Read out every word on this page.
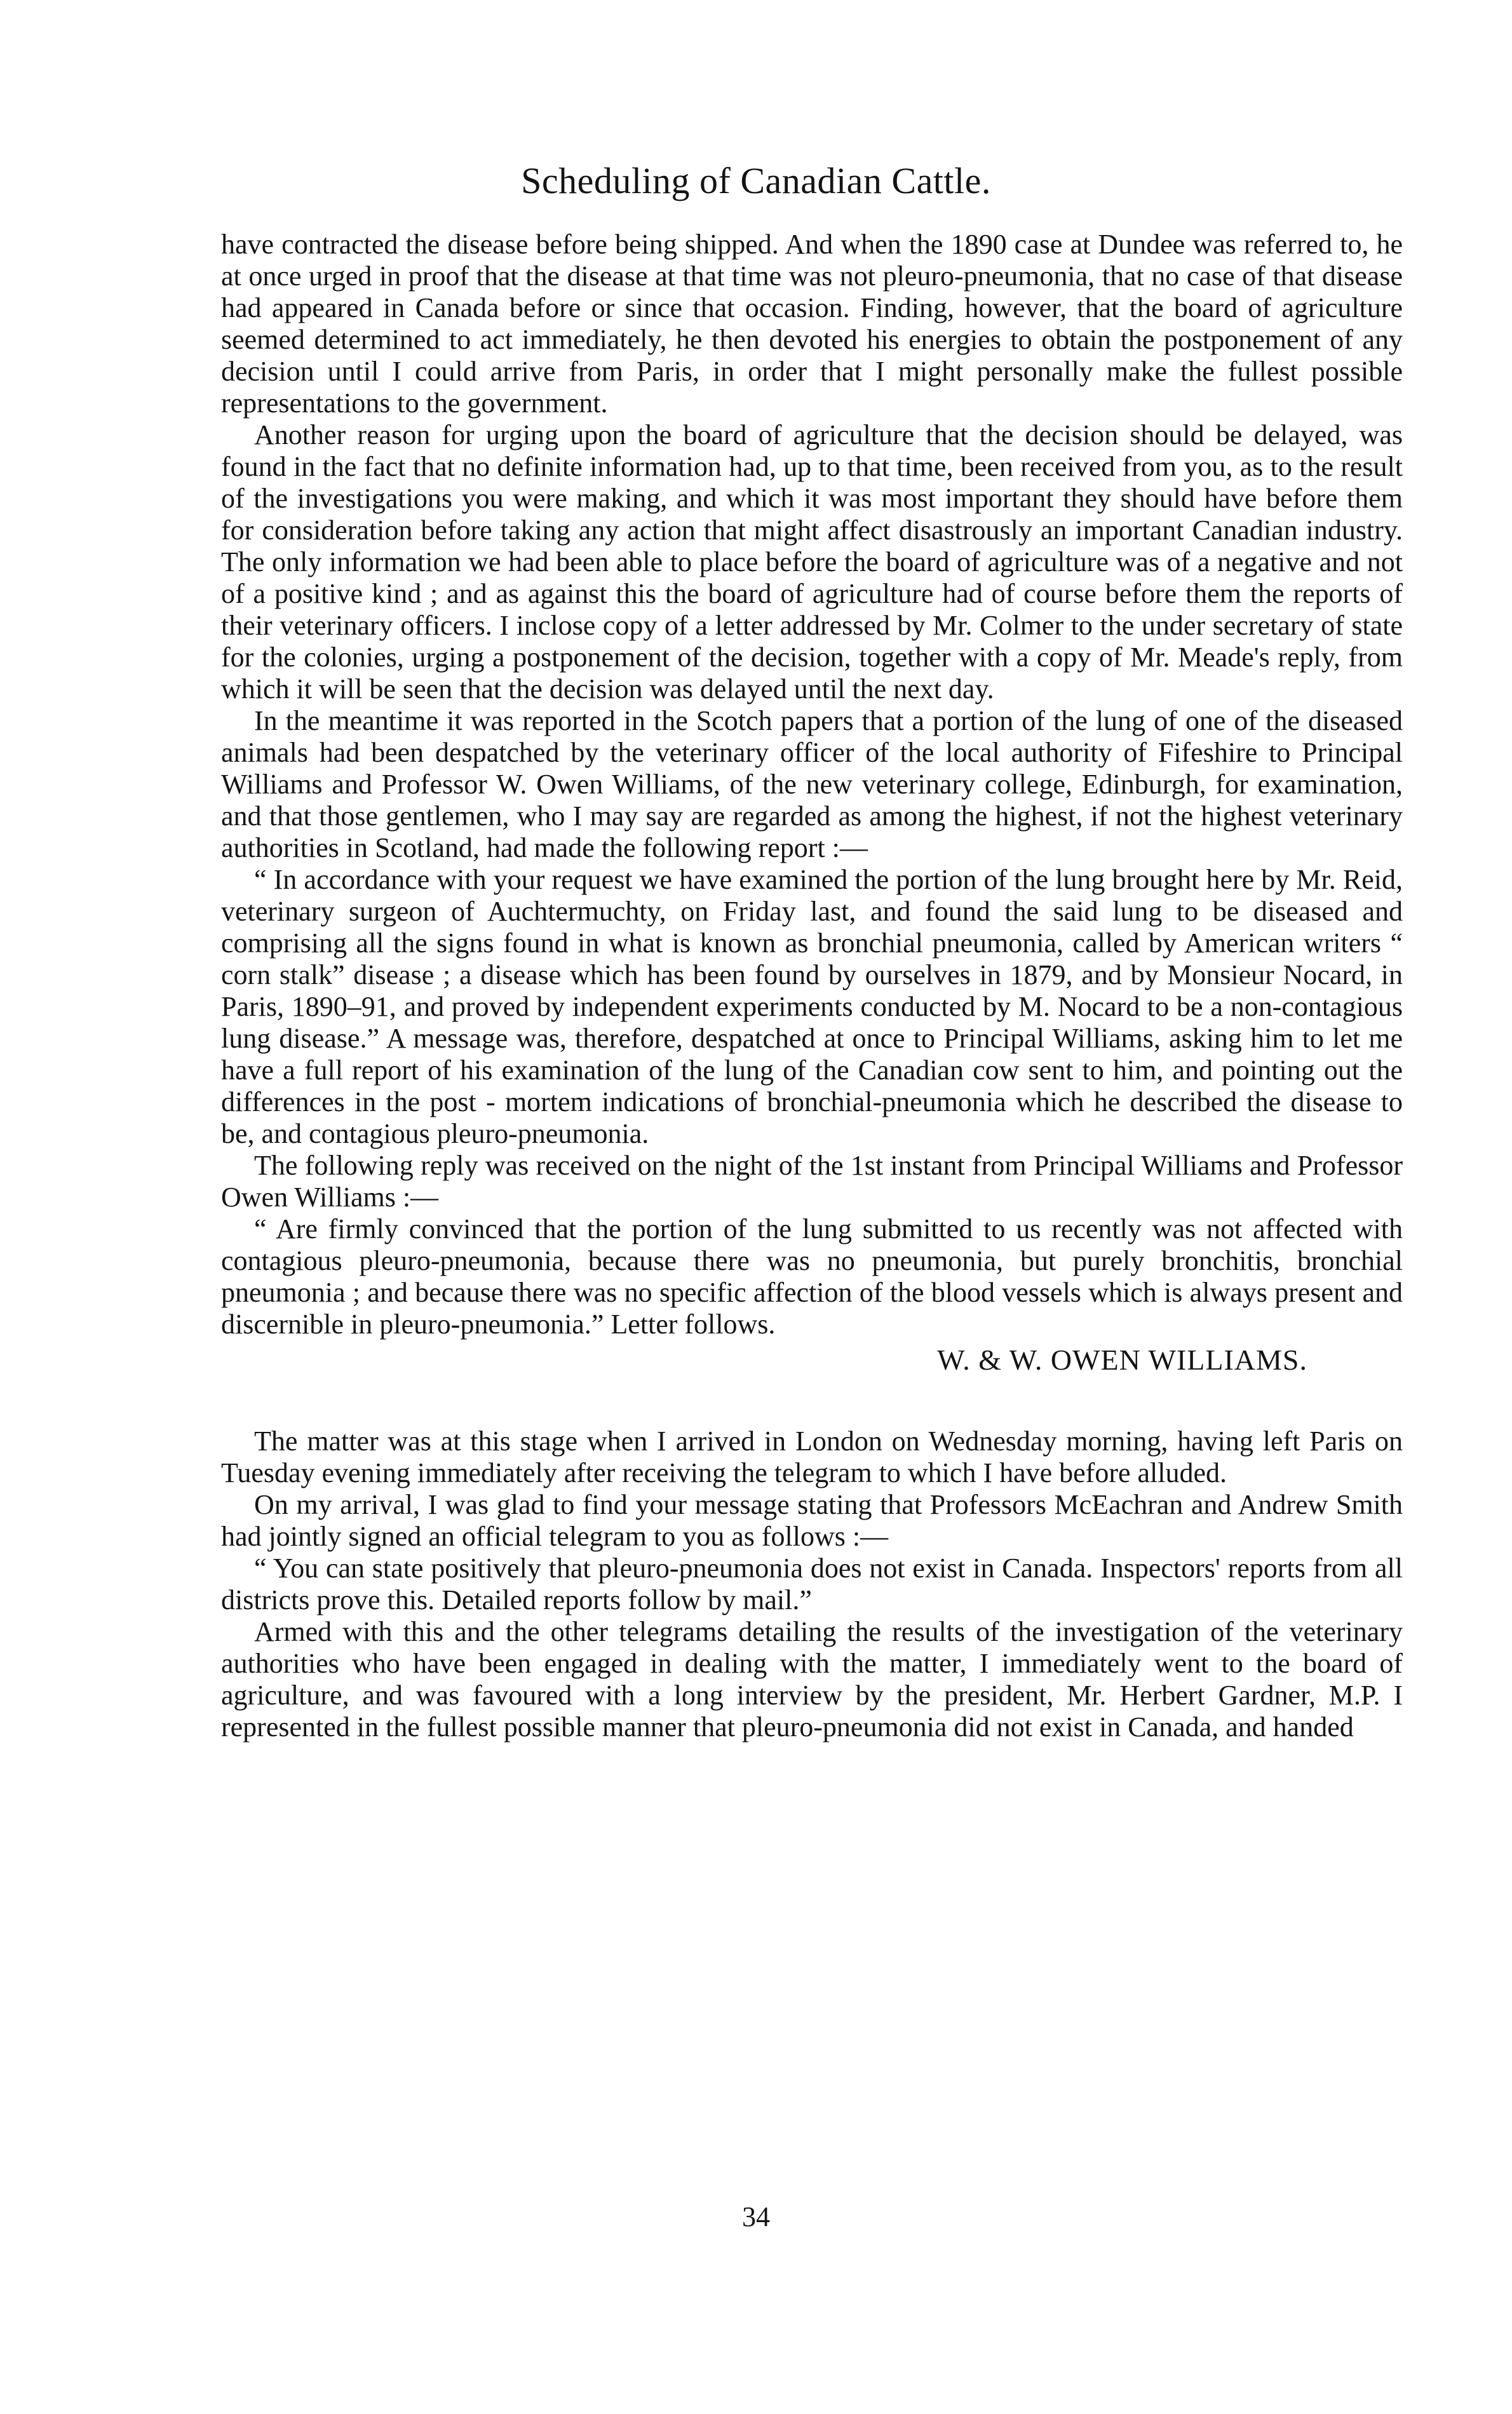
Scheduling of Canadian Cattle.

have contracted the disease before being shipped. And when the 1890 case at Dundee was referred to, he at once urged in proof that the disease at that time was not pleuro-pneumonia, that no case of that disease had appeared in Canada before or since that occasion. Finding, however, that the board of agriculture seemed determined to act immediately, he then devoted his energies to obtain the postponement of any decision until I could arrive from Paris, in order that I might personally make the fullest possible representations to the government.

Another reason for urging upon the board of agriculture that the decision should be delayed, was found in the fact that no definite information had, up to that time, been received from you, as to the result of the investigations you were making, and which it was most important they should have before them for consideration before taking any action that might affect disastrously an important Canadian industry. The only information we had been able to place before the board of agriculture was of a negative and not of a positive kind ; and as against this the board of agriculture had of course before them the reports of their veterinary officers. I inclose copy of a letter addressed by Mr. Colmer to the under secretary of state for the colonies, urging a postponement of the decision, together with a copy of Mr. Meade's reply, from which it will be seen that the decision was delayed until the next day.

In the meantime it was reported in the Scotch papers that a portion of the lung of one of the diseased animals had been despatched by the veterinary officer of the local authority of Fifeshire to Principal Williams and Professor W. Owen Williams, of the new veterinary college, Edinburgh, for examination, and that those gentlemen, who I may say are regarded as among the highest, if not the highest veterinary authorities in Scotland, had made the following report :—

“ In accordance with your request we have examined the portion of the lung brought here by Mr. Reid, veterinary surgeon of Auchtermuchty, on Friday last, and found the said lung to be diseased and comprising all the signs found in what is known as bronchial pneumonia, called by American writers “ corn stalk” disease ; a disease which has been found by ourselves in 1879, and by Monsieur Nocard, in Paris, 1890–91, and proved by independent experiments conducted by M. Nocard to be a non-contagious lung disease.” A message was, therefore, despatched at once to Principal Williams, asking him to let me have a full report of his examination of the lung of the Canadian cow sent to him, and pointing out the differences in the post - mortem indications of bronchial-pneumonia which he described the disease to be, and contagious pleuro-pneumonia.

The following reply was received on the night of the 1st instant from Principal Williams and Professor Owen Williams :—

“ Are firmly convinced that the portion of the lung submitted to us recently was not affected with contagious pleuro-pneumonia, because there was no pneumonia, but purely bronchitis, bronchial pneumonia ; and because there was no specific affection of the blood vessels which is always present and discernible in pleuro-pneumonia.” Letter follows.

W. & W. OWEN WILLIAMS.

The matter was at this stage when I arrived in London on Wednesday morning, having left Paris on Tuesday evening immediately after receiving the telegram to which I have before alluded.

On my arrival, I was glad to find your message stating that Professors McEachran and Andrew Smith had jointly signed an official telegram to you as follows :—

“ You can state positively that pleuro-pneumonia does not exist in Canada. Inspectors' reports from all districts prove this. Detailed reports follow by mail.”

Armed with this and the other telegrams detailing the results of the investigation of the veterinary authorities who have been engaged in dealing with the matter, I immediately went to the board of agriculture, and was favoured with a long interview by the president, Mr. Herbert Gardner, M.P. I represented in the fullest possible manner that pleuro-pneumonia did not exist in Canada, and handed

34
